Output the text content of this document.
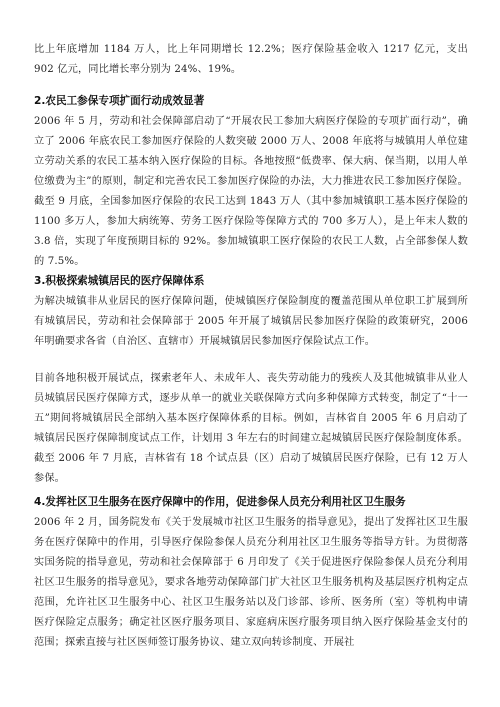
比上年底增加 1184 万人，比上年同期增长 12.2%；医疗保险基金收入 1217 亿元，支出 902 亿元，同比增长率分别为 24%、19%。

2.农民工参保专项扩面行动成效显著

2006 年 5 月，劳动和社会保障部启动了“开展农民工参加大病医疗保险的专项扩面行动”，确立了 2006 年底农民工参加医疗保险的人数突破 2000 万人、2008 年底将与城镇用人单位建立劳动关系的农民工基本纳入医疗保险的目标。各地按照“低费率、保大病、保当期，以用人单位缴费为主”的原则，制定和完善农民工参加医疗保险的办法，大力推进农民工参加医疗保险。截至 9 月底，全国参加医疗保险的农民工达到 1843 万人（其中参加城镇职工基本医疗保险的 1100 多万人，参加大病统筹、劳务工医疗保险等保障方式的 700 多万人），是上年末人数的 3.8 倍，实现了年度预期目标的 92%。参加城镇职工医疗保险的农民工人数，占全部参保人数的 7.5%。

3.积极探索城镇居民的医疗保障体系

为解决城镇非从业居民的医疗保障问题，使城镇医疗保险制度的覆盖范围从单位职工扩展到所有城镇居民，劳动和社会保障部于 2005 年开展了城镇居民参加医疗保险的政策研究，2006 年明确要求各省（自治区、直辖市）开展城镇居民参加医疗保险试点工作。

目前各地积极开展试点，探索老年人、未成年人、丧失劳动能力的残疾人及其他城镇非从业人员城镇居民医疗保障方式，逐步从单一的就业关联保障方式向多种保障方式转变，制定了“十一五”期间将城镇居民全部纳入基本医疗保障体系的目标。例如，吉林省自 2005 年 6 月启动了城镇居民医疗保障制度试点工作，计划用 3 年左右的时间建立起城镇居民医疗保险制度体系。截至 2006 年 7 月底，吉林省有 18 个试点县（区）启动了城镇居民医疗保险，已有 12 万人参保。

4.发挥社区卫生服务在医疗保障中的作用，促进参保人员充分利用社区卫生服务

2006 年 2 月，国务院发布《关于发展城市社区卫生服务的指导意见》，提出了发挥社区卫生服务在医疗保障中的作用，引导医疗保险参保人员充分利用社区卫生服务等指导方针。为贯彻落实国务院的指导意见，劳动和社会保障部于 6 月印发了《关于促进医疗保险参保人员充分利用社区卫生服务的指导意见》，要求各地劳动保障部门扩大社区卫生服务机构及基层医疗机构定点范围，允许社区卫生服务中心、社区卫生服务站以及门诊部、诊所、医务所（室）等机构申请医疗保险定点服务；确定社区医疗服务项目、家庭病床医疗服务项目纳入医疗保险基金支付的范围；探索直接与社区医师签订服务协议、建立双向转诊制度、开展社
